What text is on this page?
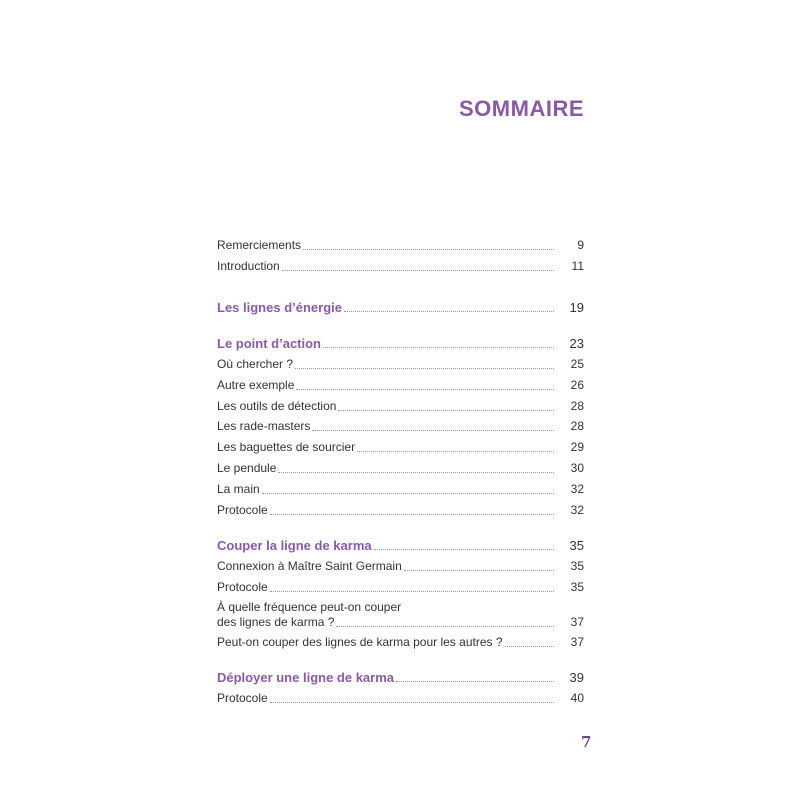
SOMMAIRE
Remerciements	9
Introduction	11
Les lignes d’énergie	19
Le point d’action	23
Où chercher ?	25
Autre exemple	26
Les outils de détection	28
Les rade-masters	28
Les baguettes de sourcier	29
Le pendule	30
La main	32
Protocole	32
Couper la ligne de karma	35
Connexion à Maître Saint Germain	35
Protocole	35
À quelle fréquence peut-on couper
des lignes de karma ?	37
Peut-on couper des lignes de karma pour les autres ?	37
Déployer une ligne de karma	39
Protocole	40

7
